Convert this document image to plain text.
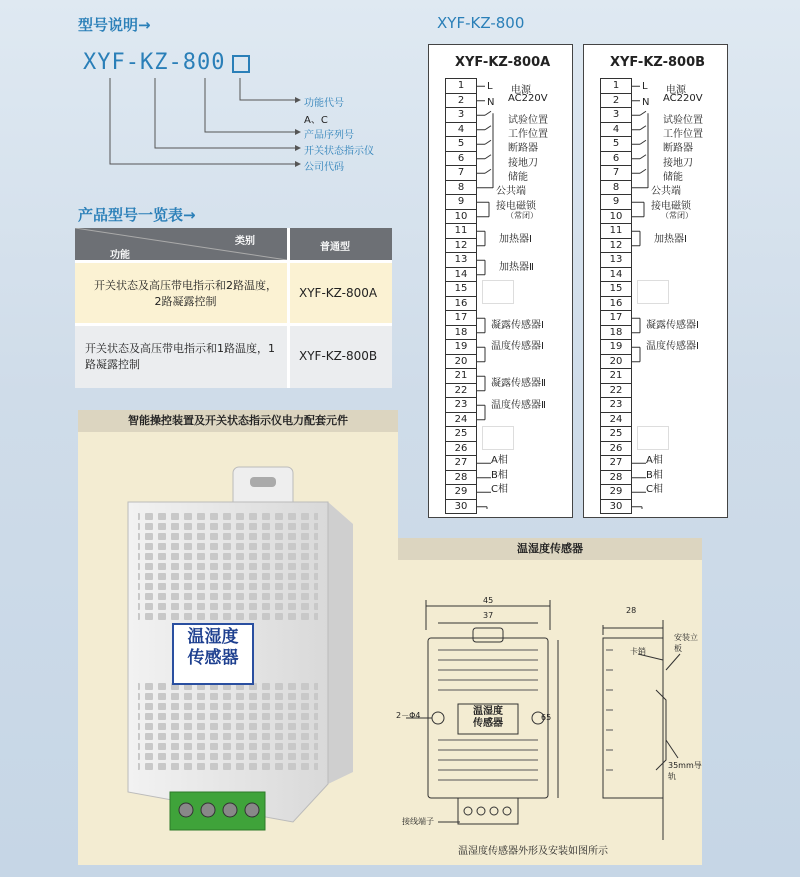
型号说明→
XYF-KZ-800
功能代号
A、C
产品序列号
开关状态指示仪
公司代码
产品型号一览表→
类别
功能
普通型
开关状态及高压带电指示和2路温度，2路凝露控制
XYF-KZ-800A
开关状态及高压带电指示和1路温度，1路凝露控制
XYF-KZ-800B
XYF-KZ-800
XYF-KZ-800A
1
2
3
4
5
6
7
8
9
10
11
12
13
14
15
16
17
18
19
20
21
22
23
24
25
26
27
28
29
30
L 电源
N AC220V
试验位置
工作位置
断路器
接地刀
储能
公共端
接电磁锁
（常闭）
加热器Ⅰ
加热器Ⅱ
凝露传感器Ⅰ
温度传感器Ⅰ
凝露传感器Ⅱ
温度传感器Ⅱ
A相
B相
C相
XYF-KZ-800B
1
2
3
4
5
6
7
8
9
10
11
12
13
14
15
16
17
18
19
20
21
22
23
24
25
26
27
28
29
30
L 电源
N AC220V
试验位置
工作位置
断路器
接地刀
储能
公共端
接电磁锁
（常闭）
加热器Ⅰ
凝露传感器Ⅰ
温度传感器Ⅰ
A相
B相
C相
智能操控装置及开关状态指示仪电力配套元件
温湿度
传感器
温湿度传感器
45
37
65
28
2－Φ4	温湿度
传感器
接线端子
卡销
安装立板
35mm导轨
温湿度传感器外形及安装如图所示
